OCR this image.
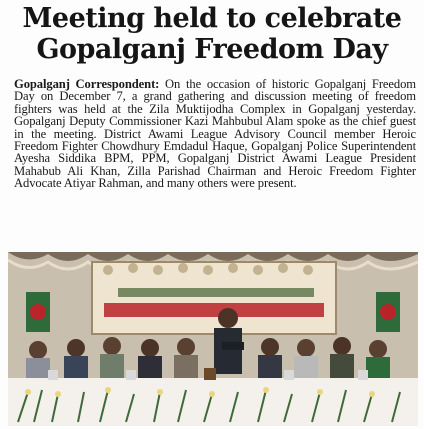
Meeting held to celebrate
Gopalganj Freedom Day
Gopalganj Correspondent: On the occasion of historic Gopalganj Freedom Day on December 7, a grand gathering and discussion meeting of freedom fighters was held at the Zila Muktijodha Complex in Gopalganj yesterday. Gopalganj Deputy Commissioner Kazi Mahbubul Alam spoke as the chief guest in the meeting. District Awami League Advisory Council member Heroic Freedom Fighter Chowdhury Emdadul Haque, Gopalganj Police Superintendent Ayesha Siddika BPM, PPM, Gopalganj District Awami League President Mahabub Ali Khan, Zilla Parishad Chairman and Heroic Freedom Fighter Advocate Atiyar Rahman, and many others were present.
